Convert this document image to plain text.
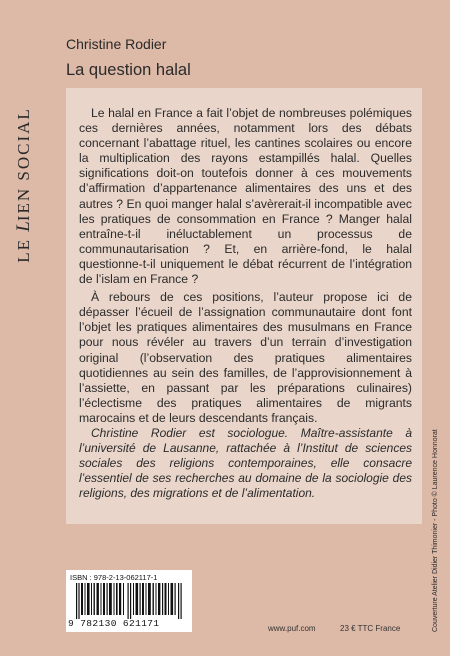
Christine Rodier
La question halal
LE LIEN SOCIAL	Le halal en France a fait l’objet de nombreuses polémiques ces dernières années, notamment lors des débats concernant l’abattage rituel, les cantines scolaires ou encore la multiplication des rayons estampillés halal. Quelles significations doit-on toutefois donner à ces mouvements d’affirmation d’appartenance alimentaires des uns et des autres ? En quoi manger halal s’avèrerait-il incompatible avec les pratiques de consommation en France ? Manger halal entraîne-t-il inéluctablement un processus de communautarisation ? Et, en arrière-fond, le halal questionne-t-il uniquement le débat récurrent de l’intégration de l’islam en France ?

À rebours de ces positions, l’auteur propose ici de dépasser l’écueil de l’assignation communautaire dont font l’objet les pratiques alimentaires des musulmans en France pour nous révéler au travers d’un terrain d’investigation original (l’observation des pratiques alimentaires quotidiennes au sein des familles, de l’approvisionnement à l’assiette, en passant par les préparations culinaires) l’éclectisme des pratiques alimentaires de migrants marocains et de leurs descendants français.

Christine Rodier est sociologue. Maître-assistante à l’université de Lausanne, rattachée à l’Institut de sciences sociales des religions contemporaines, elle consacre l’essentiel de ses recherches au domaine de la sociologie des religions, des migrations et de l’alimentation.	Couverture Atelier Didier Thimonier - Photo © Laurence Honnorat
ISBN : 978-2-13-062117-1
9 782130 621171	www.puf.com	23 € TTC France
